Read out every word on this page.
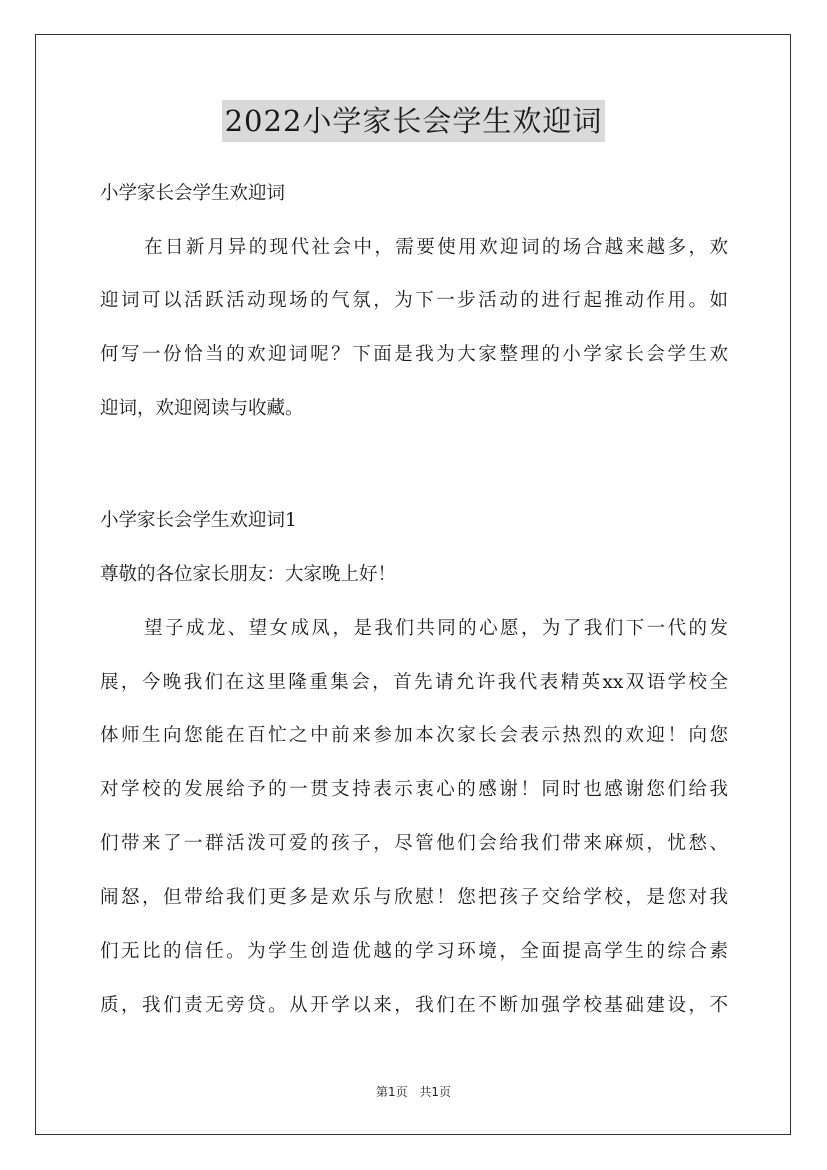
2022小学家长会学生欢迎词
小学家长会学生欢迎词
在日新月异的现代社会中，需要使用欢迎词的场合越来越多，欢
迎词可以活跃活动现场的气氛，为下一步活动的进行起推动作用。如
何写一份恰当的欢迎词呢？下面是我为大家整理的小学家长会学生欢
迎词，欢迎阅读与收藏。
小学家长会学生欢迎词1
尊敬的各位家长朋友：大家晚上好！
望子成龙、望女成凤，是我们共同的心愿，为了我们下一代的发
展，今晚我们在这里隆重集会，首先请允许我代表精英xx双语学校全
体师生向您能在百忙之中前来参加本次家长会表示热烈的欢迎！向您
对学校的发展给予的一贯支持表示衷心的感谢！同时也感谢您们给我
们带来了一群活泼可爱的孩子，尽管他们会给我们带来麻烦，忧愁、
闹怒，但带给我们更多是欢乐与欣慰！您把孩子交给学校，是您对我
们无比的信任。为学生创造优越的学习环境，全面提高学生的综合素
质，我们责无旁贷。从开学以来，我们在不断加强学校基础建设，不
第1页 共1页
